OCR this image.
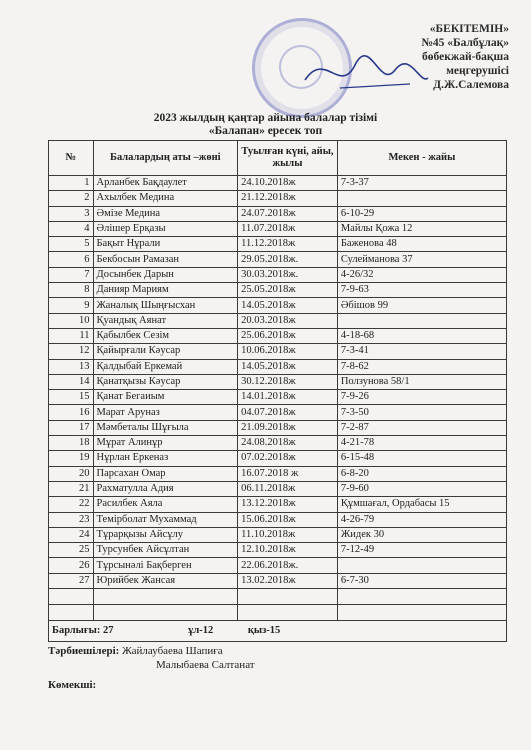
«БЕКІТЕМІН»
№45 «Балбұлақ»
бөбекжай-бақша
меңгерушісі
Д.Ж.Салемова
2023 жылдың қаңтар айына балалар тізімі
«Балапан» ересек топ
№	Балалардың аты –жөні	Туылған күні, айы, жылы	Мекен - жайы
1	Арланбек Бақдаулет	24.10.2018ж	7-3-37
2	Ахылбек Медина	21.12.2018ж	
3	Әмізе Медина	24.07.2018ж	6-10-29
4	Әлішер Ерқазы	11.07.2018ж	Майлы Қожа 12
5	Бақыт Нұрали	11.12.2018ж	Баженова 48
6	Бекбосын Рамазан	29.05.2018ж.	Сулейманова 37
7	Досынбек Дарын	30.03.2018ж.	4-26/32
8	Данияр Мариям	25.05.2018ж	7-9-63
9	Жаналық Шыңғысхан	14.05.2018ж	Әбішов 99
10	Қуандық Аянат	20.03.2018ж	
11	Қабылбек Сезім	25.06.2018ж	4-18-68
12	Қайырғали Кәусар	10.06.2018ж	7-3-41
13	Қалдыбай Еркемай	14.05.2018ж	7-8-62
14	Қанатқызы Кәусар	30.12.2018ж	Ползунова 58/1
15	Қанат Бегаиым	14.01.2018ж	7-9-26
16	Марат Аруназ	04.07.2018ж	7-3-50
17	Мәмбеталы Шұғыла	21.09.2018ж	7-2-87
18	Мұрат Алинұр	24.08.2018ж	4-21-78
19	Нұрлан Еркеназ	07.02.2018ж	6-15-48
20	Парсахан Омар	16.07.2018 ж	6-8-20
21	Рахматулла Адия	06.11.2018ж	7-9-60
22	Расилбек Аяла	13.12.2018ж	Құмшағал, Ордабасы 15
23	Темірболат Мухаммад	15.06.2018ж	4-26-79
24	Тұрарқызы Айсұлу	11.10.2018ж	Жидек 30
25	Турсунбек Айсұлтан	12.10.2018ж	7-12-49
26	Тұрсынәлі Бақберген	22.06.2018ж.	
27	Юрийбек Жансая	13.02.2018ж	6-7-30

Барлығы: 27 ұл-12 қыз-15			
Тәрбиешілері: Жайлаубаева Шапиға
Малыбаева Салтанат
Көмекші:
